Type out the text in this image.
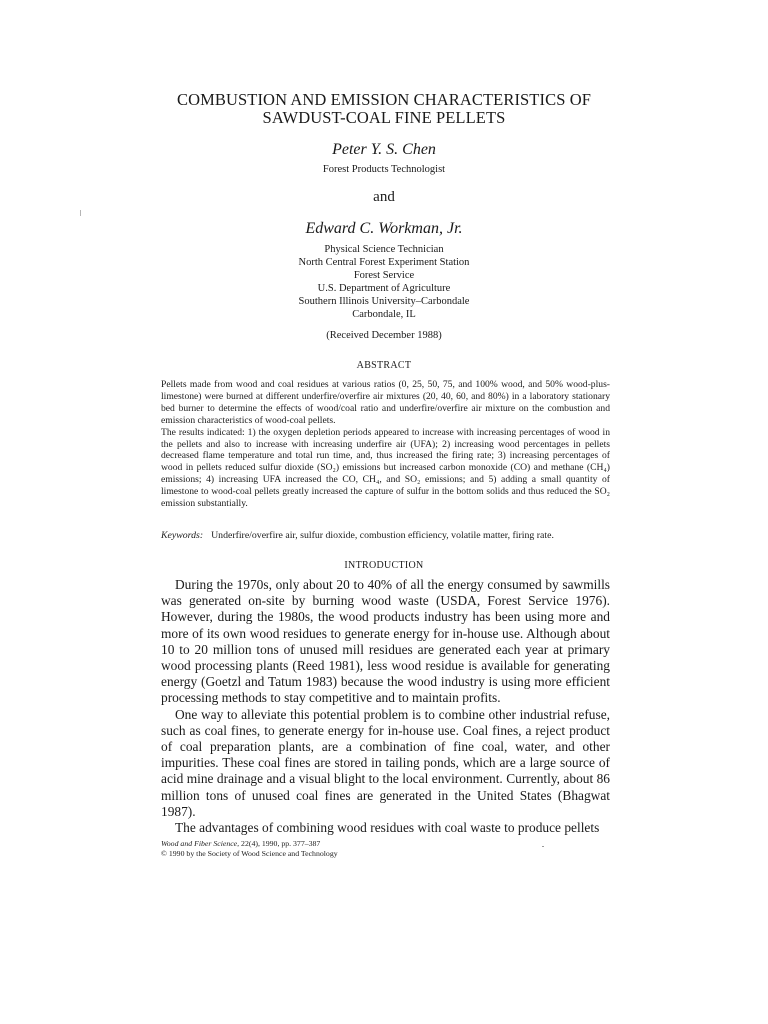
COMBUSTION AND EMISSION CHARACTERISTICS OF
SAWDUST-COAL FINE PELLETS
Peter Y. S. Chen
Forest Products Technologist
and
Edward C. Workman, Jr.
Physical Science Technician
North Central Forest Experiment Station
Forest Service
U.S. Department of Agriculture
Southern Illinois University–Carbondale
Carbondale, IL
(Received December 1988)
ABSTRACT

Pellets made from wood and coal residues at various ratios (0, 25, 50, 75, and 100% wood, and 50% wood-plus-limestone) were burned at different underfire/overfire air mixtures (20, 40, 60, and 80%) in a laboratory stationary bed burner to determine the effects of wood/coal ratio and underfire/overfire air mixture on the combustion and emission characteristics of wood-coal pellets.

The results indicated: 1) the oxygen depletion periods appeared to increase with increasing percentages of wood in the pellets and also to increase with increasing underfire air (UFA); 2) increasing wood percentages in pellets decreased flame temperature and total run time, and, thus increased the firing rate; 3) increasing percentages of wood in pellets reduced sulfur dioxide (SO₂) emissions but increased carbon monoxide (CO) and methane (CH₄) emissions; 4) increasing UFA increased the CO, CH₄, and SO₂ emissions; and 5) adding a small quantity of limestone to wood-coal pellets greatly increased the capture of sulfur in the bottom solids and thus reduced the SO₂ emission substantially.

Keywords: Underfire/overfire air, sulfur dioxide, combustion efficiency, volatile matter, firing rate.
INTRODUCTION

During the 1970s, only about 20 to 40% of all the energy consumed by sawmills was generated on-site by burning wood waste (USDA, Forest Service 1976). However, during the 1980s, the wood products industry has been using more and more of its own wood residues to generate energy for in-house use. Although about 10 to 20 million tons of unused mill residues are generated each year at primary wood processing plants (Reed 1981), less wood residue is available for generating energy (Goetzl and Tatum 1983) because the wood industry is using more efficient processing methods to stay competitive and to maintain profits.

One way to alleviate this potential problem is to combine other industrial refuse, such as coal fines, to generate energy for in-house use. Coal fines, a reject product of coal preparation plants, are a combination of fine coal, water, and other impurities. These coal fines are stored in tailing ponds, which are a large source of acid mine drainage and a visual blight to the local environment. Currently, about 86 million tons of unused coal fines are generated in the United States (Bhagwat 1987).

The advantages of combining wood residues with coal waste to produce pellets

Wood and Fiber Science, 22(4), 1990, pp. 377–387
© 1990 by the Society of Wood Science and Technology
